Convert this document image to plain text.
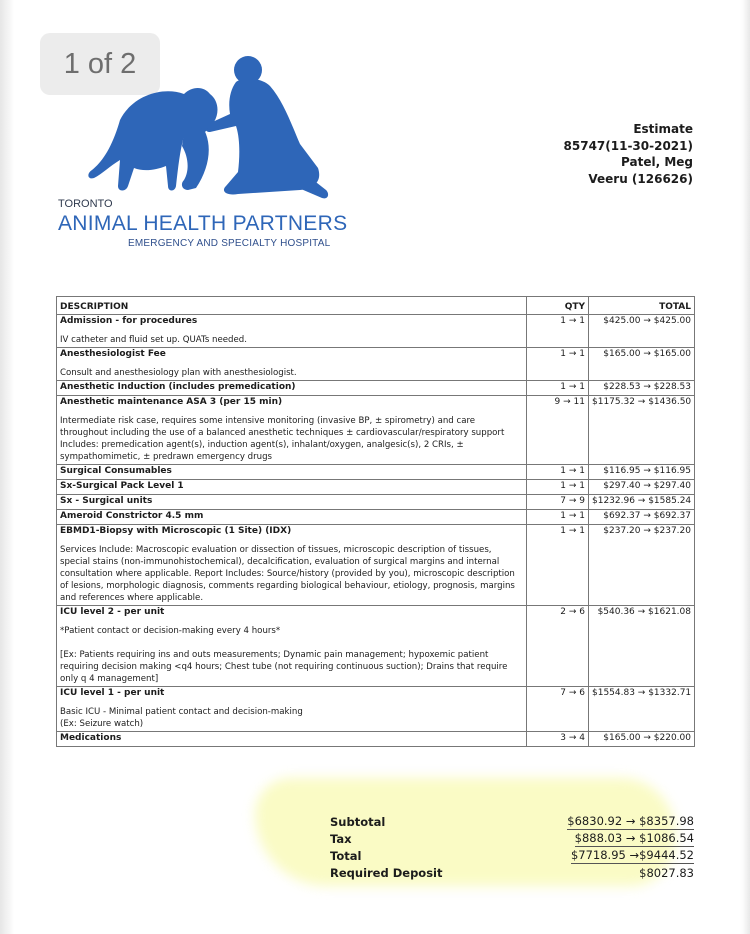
1 of 2
TORONTO
ANIMAL HEALTH PARTNERS
EMERGENCY AND SPECIALTY HOSPITAL
Estimate
85747(11-30-2021)
Patel, Meg
Veeru (126626)
DESCRIPTION	QTY	TOTAL
Admission - for procedures	1 → 1	$425.00 → $425.00
IV catheter and fluid set up. QUATs needed.		
Anesthesiologist Fee	1 → 1	$165.00 → $165.00
Consult and anesthesiology plan with anesthesiologist.		
Anesthetic Induction (includes premedication)	1 → 1	$228.53 → $228.53
Anesthetic maintenance ASA 3 (per 15 min)	9 → 11	$1175.32 → $1436.50
Intermediate risk case, requires some intensive monitoring (invasive BP, ± spirometry) and care throughout including the use of a balanced anesthetic techniques ± cardiovascular/respiratory support
Includes: premedication agent(s), induction agent(s), inhalant/oxygen, analgesic(s), 2 CRIs, ± sympathomimetic, ± predrawn emergency drugs		
Surgical Consumables	1 → 1	$116.95 → $116.95
Sx-Surgical Pack Level 1	1 → 1	$297.40 → $297.40
Sx - Surgical units	7 → 9	$1232.96 → $1585.24
Ameroid Constrictor 4.5 mm	1 → 1	$692.37 → $692.37
EBMD1-Biopsy with Microscopic (1 Site) (IDX)	1 → 1	$237.20 → $237.20
Services Include: Macroscopic evaluation or dissection of tissues, microscopic description of tissues, special stains (non-immunohistochemical), decalcification, evaluation of surgical margins and internal consultation where applicable. Report Includes: Source/history (provided by you), microscopic description of lesions, morphologic diagnosis, comments regarding biological behaviour, etiology, prognosis, margins and references where applicable.		
ICU level 2 - per unit	2 → 6	$540.36 → $1621.08
*Patient contact or decision-making every 4 hours*

[Ex: Patients requiring ins and outs measurements; Dynamic pain management; hypoxemic patient requiring decision making <q4 hours; Chest tube (not requiring continuous suction); Drains that require only q 4 management]		
ICU level 1 - per unit	7 → 6	$1554.83 → $1332.71
Basic ICU - Minimal patient contact and decision-making
(Ex: Seizure watch)		
Medications	3 → 4	$165.00 → $220.00
Subtotal	$6830.92 → $8357.98
Tax	$888.03 → $1086.54
Total	$7718.95 →$9444.52
Required Deposit	$8027.83
